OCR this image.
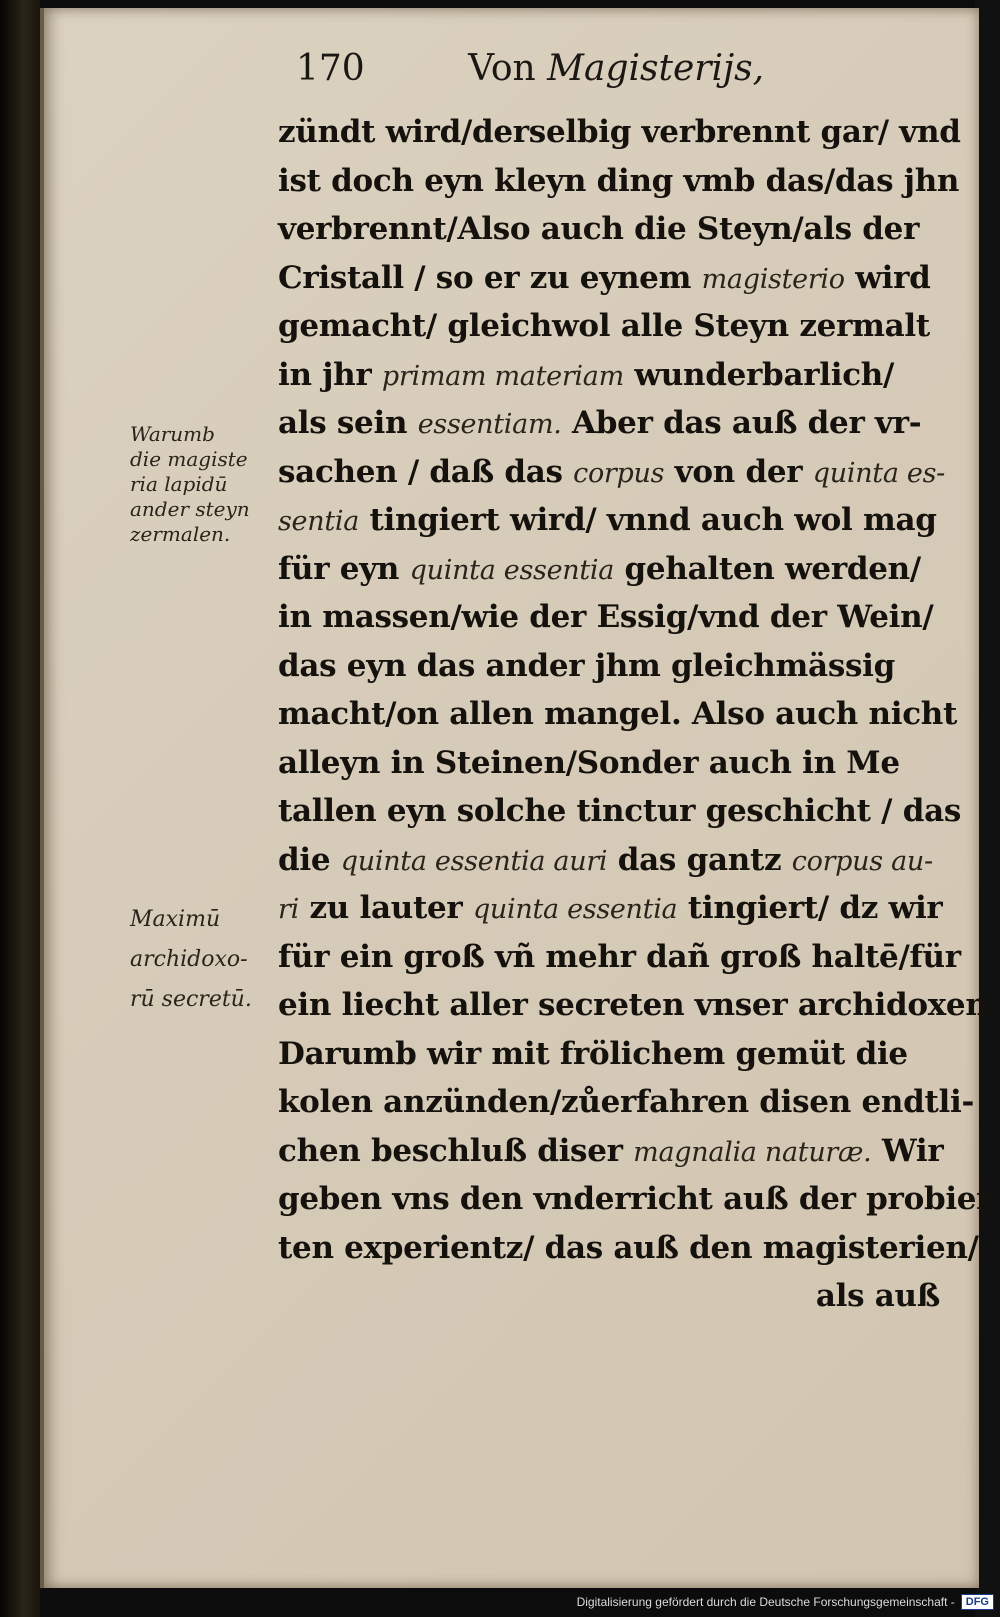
170	Von Magisterijs,
Warumb
die magiste
ria lapidū
ander steyn
zermalen.
Maximū
archidoxo-
rū secretū.
zündt wird/derselbig verbrennt gar/ vnd
ist doch eyn kleyn ding vmb das/das jhn
verbrennt/Also auch die Steyn/als der
Cristall / so er zu eynem magisterio wird
gemacht/ gleichwol alle Steyn zermalt
in jhr primam materiam wunderbarlich/
als sein essentiam. Aber das auß der vr-
sachen / daß das corpus von der quinta es-
sentia tingiert wird/ vnnd auch wol mag
für eyn quinta essentia gehalten werden/
in massen/wie der Essig/vnd der Wein/
das eyn das ander jhm gleichmässig
macht/on allen mangel. Also auch nicht
alleyn in Steinen/Sonder auch in Me
tallen eyn solche tinctur geschicht / das
die quinta essentia auri das gantz corpus au-
ri zu lauter quinta essentia tingiert/ dz wir
für ein groß vñ mehr dañ groß haltē/für
ein liecht aller secreten vnser archidoxen.
Darumb wir mit frölichem gemüt die
kolen anzünden/zůerfahren disen endtli-
chen beschluß diser magnalia naturæ. Wir
geben vns den vnderricht auß der probier
ten experientz/ das auß den magisterien/
als auß
Digitalisierung gefördert durch die Deutsche Forschungsgemeinschaft -	DFG
